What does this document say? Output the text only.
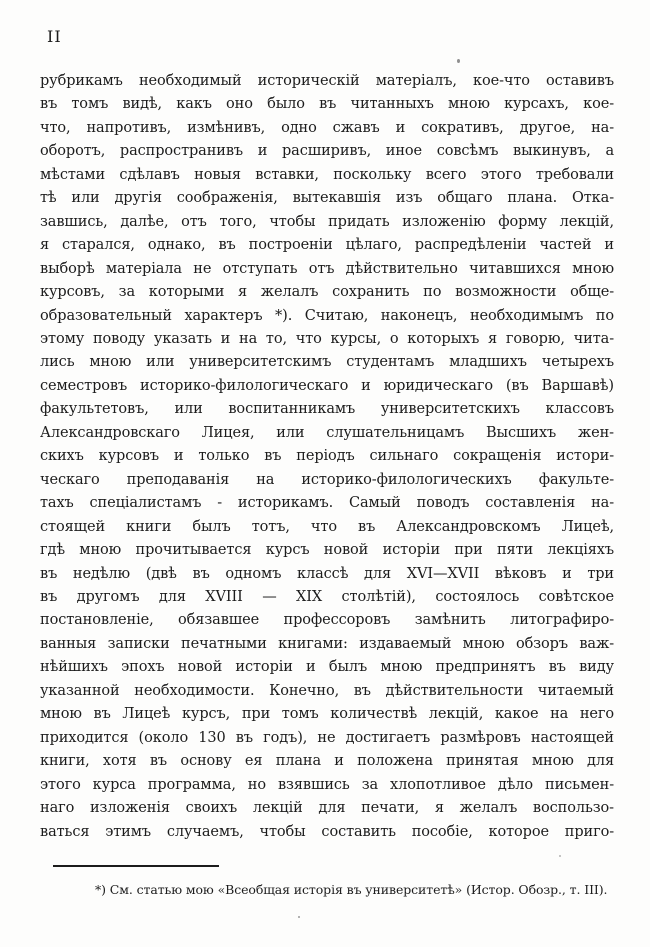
II
рубрикамъ необходимый историческій матеріалъ, кое-что оставивъ
въ томъ видѣ, какъ оно было въ читанныхъ мною курсахъ, кое-
что, напротивъ, измѣнивъ, одно сжавъ и сокративъ, другое, на-
оборотъ, распространивъ и расширивъ, иное совсѣмъ выкинувъ, а
мѣстами сдѣлавъ новыя вставки, поскольку всего этого требовали
тѣ или другія соображенія, вытекавшія изъ общаго плана. Отка-
завшись, далѣе, отъ того, чтобы придать изложенію форму лекцій,
я старался, однако, въ построеніи цѣлаго, распредѣленіи частей и
выборѣ матеріала не отступать отъ дѣйствительно читавшихся мною
курсовъ, за которыми я желалъ сохранить по возможности обще-
образовательный характеръ *). Считаю, наконецъ, необходимымъ по
этому поводу указать и на то, что курсы, о которыхъ я говорю, чита-
лись мною или университетскимъ студентамъ младшихъ четырехъ
семестровъ историко-филологическаго и юридическаго (въ Варшавѣ)
факультетовъ, или воспитанникамъ университетскихъ классовъ
Александровскаго Лицея, или слушательницамъ Высшихъ жен-
скихъ курсовъ и только въ періодъ сильнаго сокращенія истори-
ческаго преподаванія на историко-филологическихъ факульте-
тахъ спеціалистамъ - историкамъ. Самый поводъ составленія на-
стоящей книги былъ тотъ, что въ Александровскомъ Лицеѣ,
гдѣ мною прочитывается курсъ новой исторіи при пяти лекціяхъ
въ недѣлю (двѣ въ одномъ классѣ для XVI—XVII вѣковъ и три
въ другомъ для XVIII — XIX столѣтій), состоялось совѣтское
постановленіе, обязавшее профессоровъ замѣнить литографиро-
ванныя записки печатными книгами: издаваемый мною обзоръ важ-
нѣйшихъ эпохъ новой исторіи и былъ мною предпринятъ въ виду
указанной необходимости. Конечно, въ дѣйствительности читаемый
мною въ Лицеѣ курсъ, при томъ количествѣ лекцій, какое на него
приходится (около 130 въ годъ), не достигаетъ размѣровъ настоящей
книги, хотя въ основу ея плана и положена принятая мною для
этого курса программа, но взявшись за хлопотливое дѣло письмен-
наго изложенія своихъ лекцій для печати, я желалъ воспользо-
ваться этимъ случаемъ, чтобы составить пособіе, которое приго-
*) См. статью мою «Всеобщая исторія въ университетѣ» (Истор. Обозр., т. III).
